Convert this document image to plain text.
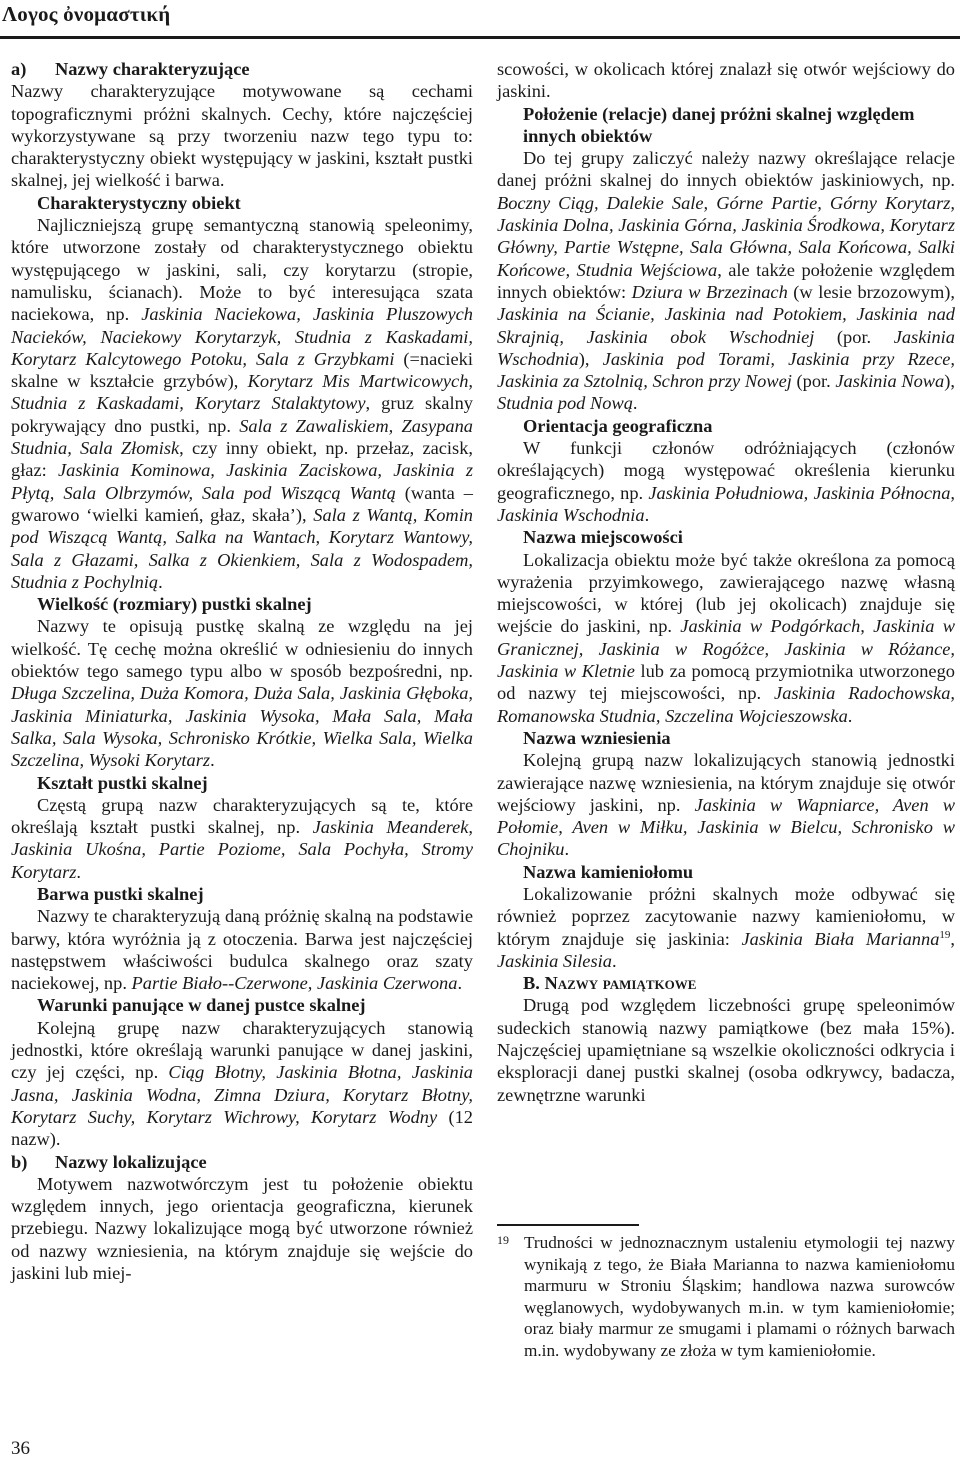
Λογος ὀνομαστική
a) Nazwy charakteryzujące

Nazwy charakteryzujące motywowane są cechami topograficznymi próżni skalnych. Cechy, które najczęściej wykorzystywane są przy tworzeniu nazw tego typu to: charakterystyczny obiekt występujący w jaskini, kształt pustki skalnej, jej wielkość i barwa.

Charakterystyczny obiekt

Najliczniejszą grupę semantyczną stanowią speleonimy, które utworzone zostały od charakterystycznego obiektu występującego w jaskini, sali, czy korytarzu (stropie, namulisku, ścianach). Może to być interesująca szata naciekowa, np. Jaskinia Naciekowa, Jaskinia Pluszowych Nacieków, Naciekowy Korytarzyk, Studnia z Kaskadami, Korytarz Kalcytowego Potoku, Sala z Grzybkami (=nacieki skalne w kształcie grzybów), Korytarz Mis Martwicowych, Studnia z Kaskadami, Korytarz Stalaktytowy, gruz skalny pokrywający dno pustki, np. Sala z Zawaliskiem, Zasypana Studnia, Sala Złomisk, czy inny obiekt, np. przełaz, zacisk, głaz: Jaskinia Kominowa, Jaskinia Zaciskowa, Jaskinia z Płytą, Sala Olbrzymów, Sala pod Wiszącą Wantą (wanta – gwarowo ‘wielki kamień, głaz, skała’), Sala z Wantą, Komin pod Wiszącą Wantą, Salka na Wantach, Korytarz Wantowy, Sala z Głazami, Salka z Okienkiem, Sala z Wodospadem, Studnia z Pochylnią.

Wielkość (rozmiary) pustki skalnej

Nazwy te opisują pustkę skalną ze względu na jej wielkość. Tę cechę można określić w odniesieniu do innych obiektów tego samego typu albo w sposób bezpośredni, np. Długa Szczelina, Duża Komora, Duża Sala, Jaskinia Głęboka, Jaskinia Miniaturka, Jaskinia Wysoka, Mała Sala, Mała Salka, Sala Wysoka, Schronisko Krótkie, Wielka Sala, Wielka Szczelina, Wysoki Korytarz.

Kształt pustki skalnej

Częstą grupą nazw charakteryzujących są te, które określają kształt pustki skalnej, np. Jaskinia Meanderek, Jaskinia Ukośna, Partie Poziome, Sala Pochyła, Stromy Korytarz.

Barwa pustki skalnej

Nazwy te charakteryzują daną próżnię skalną na podstawie barwy, która wyróżnia ją z otoczenia. Barwa jest najczęściej następstwem właściwości budulca skalnego oraz szaty naciekowej, np. Partie Biało--Czerwone, Jaskinia Czerwona.

Warunki panujące w danej pustce skalnej

Kolejną grupę nazw charakteryzujących stanowią jednostki, które określają warunki panujące w danej jaskini, czy jej części, np. Ciąg Błotny, Jaskinia Błotna, Jaskinia Jasna, Jaskinia Wodna, Zimna Dziura, Korytarz Błotny, Korytarz Suchy, Korytarz Wichrowy, Korytarz Wodny (12 nazw).

b) Nazwy lokalizujące

Motywem nazwotwórczym jest tu położenie obiektu względem innych, jego orientacja geograficzna, kierunek przebiegu. Nazwy lokalizujące mogą być utworzone również od nazwy wzniesienia, na którym znajduje się wejście do jaskini lub miej-

scowości, w okolicach której znalazł się otwór wejściowy do jaskini.

Położenie (relacje) danej próżni skalnej względem innych obiektów

Do tej grupy zaliczyć należy nazwy określające relacje danej próżni skalnej do innych obiektów jaskiniowych, np. Boczny Ciąg, Dalekie Sale, Górne Partie, Górny Korytarz, Jaskinia Dolna, Jaskinia Górna, Jaskinia Środkowa, Korytarz Główny, Partie Wstępne, Sala Główna, Sala Końcowa, Salki Końcowe, Studnia Wejściowa, ale także położenie względem innych obiektów: Dziura w Brzezinach (w lesie brzozowym), Jaskinia na Ścianie, Jaskinia nad Potokiem, Jaskinia nad Skrajnią, Jaskinia obok Wschodniej (por. Jaskinia Wschodnia), Jaskinia pod Torami, Jaskinia przy Rzece, Jaskinia za Sztolnią, Schron przy Nowej (por. Jaskinia Nowa), Studnia pod Nową.

Orientacja geograficzna

W funkcji członów odróżniających (członów określających) mogą występować określenia kierunku geograficznego, np. Jaskinia Południowa, Jaskinia Północna, Jaskinia Wschodnia.

Nazwa miejscowości

Lokalizacja obiektu może być także określona za pomocą wyrażenia przyimkowego, zawierającego nazwę własną miejscowości, w której (lub jej okolicach) znajduje się wejście do jaskini, np. Jaskinia w Podgórkach, Jaskinia w Granicznej, Jaskinia w Rogóżce, Jaskinia w Różance, Jaskinia w Kletnie lub za pomocą przymiotnika utworzonego od nazwy tej miejscowości, np. Jaskinia Radochowska, Romanowska Studnia, Szczelina Wojcieszowska.

Nazwa wzniesienia

Kolejną grupą nazw lokalizujących stanowią jednostki zawierające nazwę wzniesienia, na którym znajduje się otwór wejściowy jaskini, np. Jaskinia w Wapniarce, Aven w Połomie, Aven w Miłku, Jaskinia w Bielcu, Schronisko w Chojniku.

Nazwa kamieniołomu

Lokalizowanie próżni skalnych może odbywać się również poprzez zacytowanie nazwy kamieniołomu, w którym znajduje się jaskinia: Jaskinia Biała Marianna$^{19}$, Jaskinia Silesia.

B. Nazwy pamiątkowe

Drugą pod względem liczebności grupę speleonimów sudeckich stanowią nazwy pamiątkowe (bez mała 15%). Najczęściej upamiętniane są wszelkie okoliczności odkrycia i eksploracji danej pustki skalnej (osoba odkrywcy, badacza, zewnętrzne warunki

19 Trudności w jednoznacznym ustaleniu etymologii tej nazwy wynikają z tego, że Biała Marianna to nazwa kamieniołomu marmuru w Stroniu Śląskim; handlowa nazwa surowców węglanowych, wydobywanych m.in. w tym kamieniołomie; oraz biały marmur ze smugami i plamami o różnych barwach m.in. wydobywany ze złoża w tym kamieniołomie.
36
